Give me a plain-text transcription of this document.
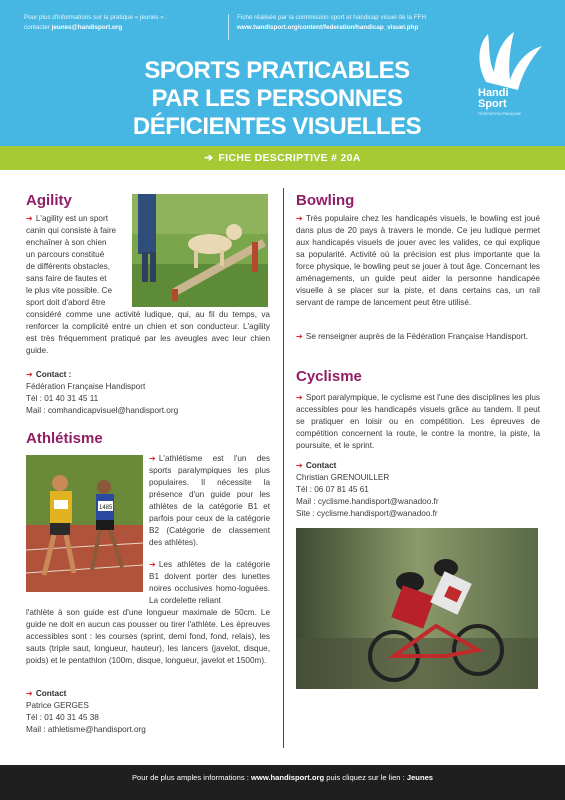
Pour plus d'informations sur la pratique « jeunes » :
contacter jeunes@handisport.org
Fiche réalisée par la commission sport et handicap visuel de la FFH
www.handisport.org/content/federation/handicap_visuel.php
SPORTS PRATICABLES
PAR LES PERSONNES
DÉFICIENTES VISUELLES
Handi
Sport
FÉDÉRATION FRANÇAISE
➔ FICHE DESCRIPTIVE # 20A
Agility
➔ L'agility est un sport
canin qui consiste à faire
enchaîner à son chien
un parcours constitué
de différents obstacles,
sans faire de fautes et
le plus vite possible. Ce
sport doit d'abord être
considéré comme une activité ludique, qui, au fil du temps, va renforcer la complicité entre un chien et son conducteur. L'agility est très fréquemment pratiqué par les aveugles avec leur chien guide.
➔ Contact :
Fédération Française Handisport
Tél : 01 40 31 45 11
Mail : comhandicapvisuel@handisport.org
Athlétisme
1485
➔ L'athlétisme est l'un des sports paralympiques les plus populaires. Il nécessite la présence d'un guide pour les athlètes de la catégorie B1 et parfois pour ceux de la catégorie B2 (Catégorie de classement des athlètes).
➔ Les athlètes de la catégorie B1 doivent porter des lunettes noires occlusives homo-loguées. La cordelette reliant
l'athlète à son guide est d'une longueur maximale de 50cm. Le guide ne doit en aucun cas pousser ou tirer l'athlète. Les épreuves accessibles sont : les courses (sprint, demi fond, fond, relais), les sauts (triple saut, longueur, hauteur), les lancers (javelot, disque, poids) et le pentathlon (100m, disque, longueur, javelot et 1500m).
➔ Contact
Patrice GERGES
Tél : 01 40 31 45 38
Mail : athletisme@handisport.org
Bowling
➔ Très populaire chez les handicapés visuels, le bowling est joué dans plus de 20 pays à travers le monde. Ce jeu ludique permet aux handicapés visuels de jouer avec les valides, ce qui explique sa popularité. Activité où la précision est plus importante que la force physique, le bowling peut se jouer à tout âge. Concernant les aménagements, un guide peut aider la personne handicapée visuelle à se placer sur la piste, et dans certains cas, un rail servant de rampe de lancement peut être utilisé.
➔ Se renseigner auprès de la Fédération Française Handisport.
Cyclisme
➔ Sport paralympique, le cyclisme est l'une des disciplines les plus accessibles pour les handicapés visuels grâce au tandem. Il peut se pratiquer en loisir ou en compétition. Les épreuves de compétition concernent la route, le contre la montre, la piste, la poursuite, et le sprint.
➔ Contact
Christian GRENOUILLER
Tél : 06 07 81 45 61
Mail : cyclisme.handisport@wanadoo.fr
Site : cyclisme.handisport@wanadoo.fr
Pour de plus amples informations : www.handisport.org puis cliquez sur le lien : Jeunes
